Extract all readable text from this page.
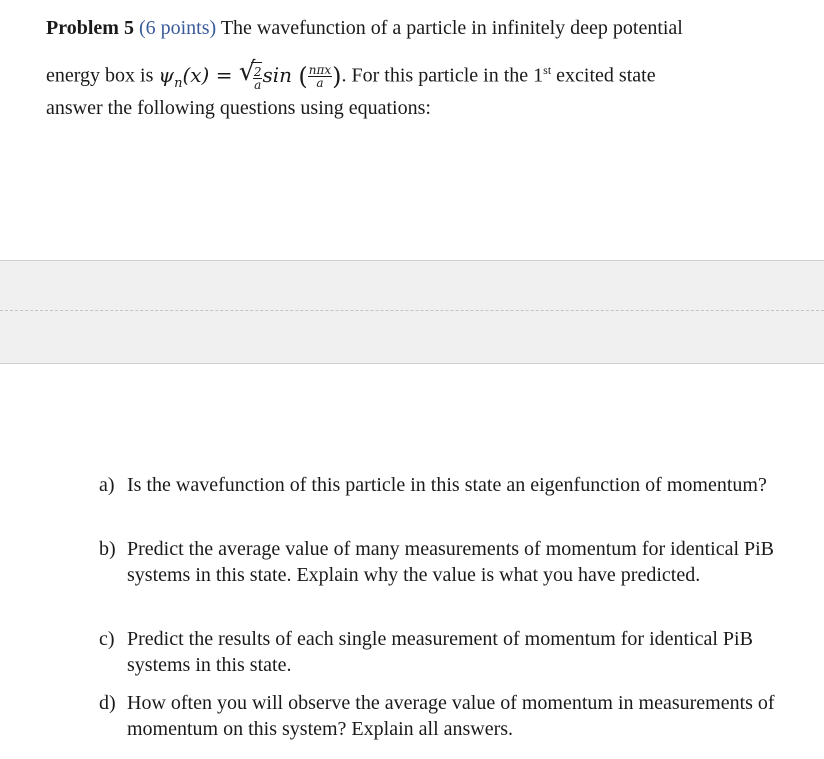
Problem 5 (6 points) The wavefunction of a particle in infinitely deep potential
energy box is $\psi_n(x)$ = √
$\frac{2}{a}$ sin ( $\frac{\text{nπx}}{a}$ ). For this particle in the 1st excited state
answer the following questions using equations:
a) Is the wavefunction of this particle in this state an eigenfunction of momentum?
b) Predict the average value of many measurements of momentum for identical PiB systems in this state. Explain why the value is what you have predicted.
c) Predict the results of each single measurement of momentum for identical PiB systems in this state.
d) How often you will observe the average value of momentum in measurements of momentum on this system? Explain all answers.
